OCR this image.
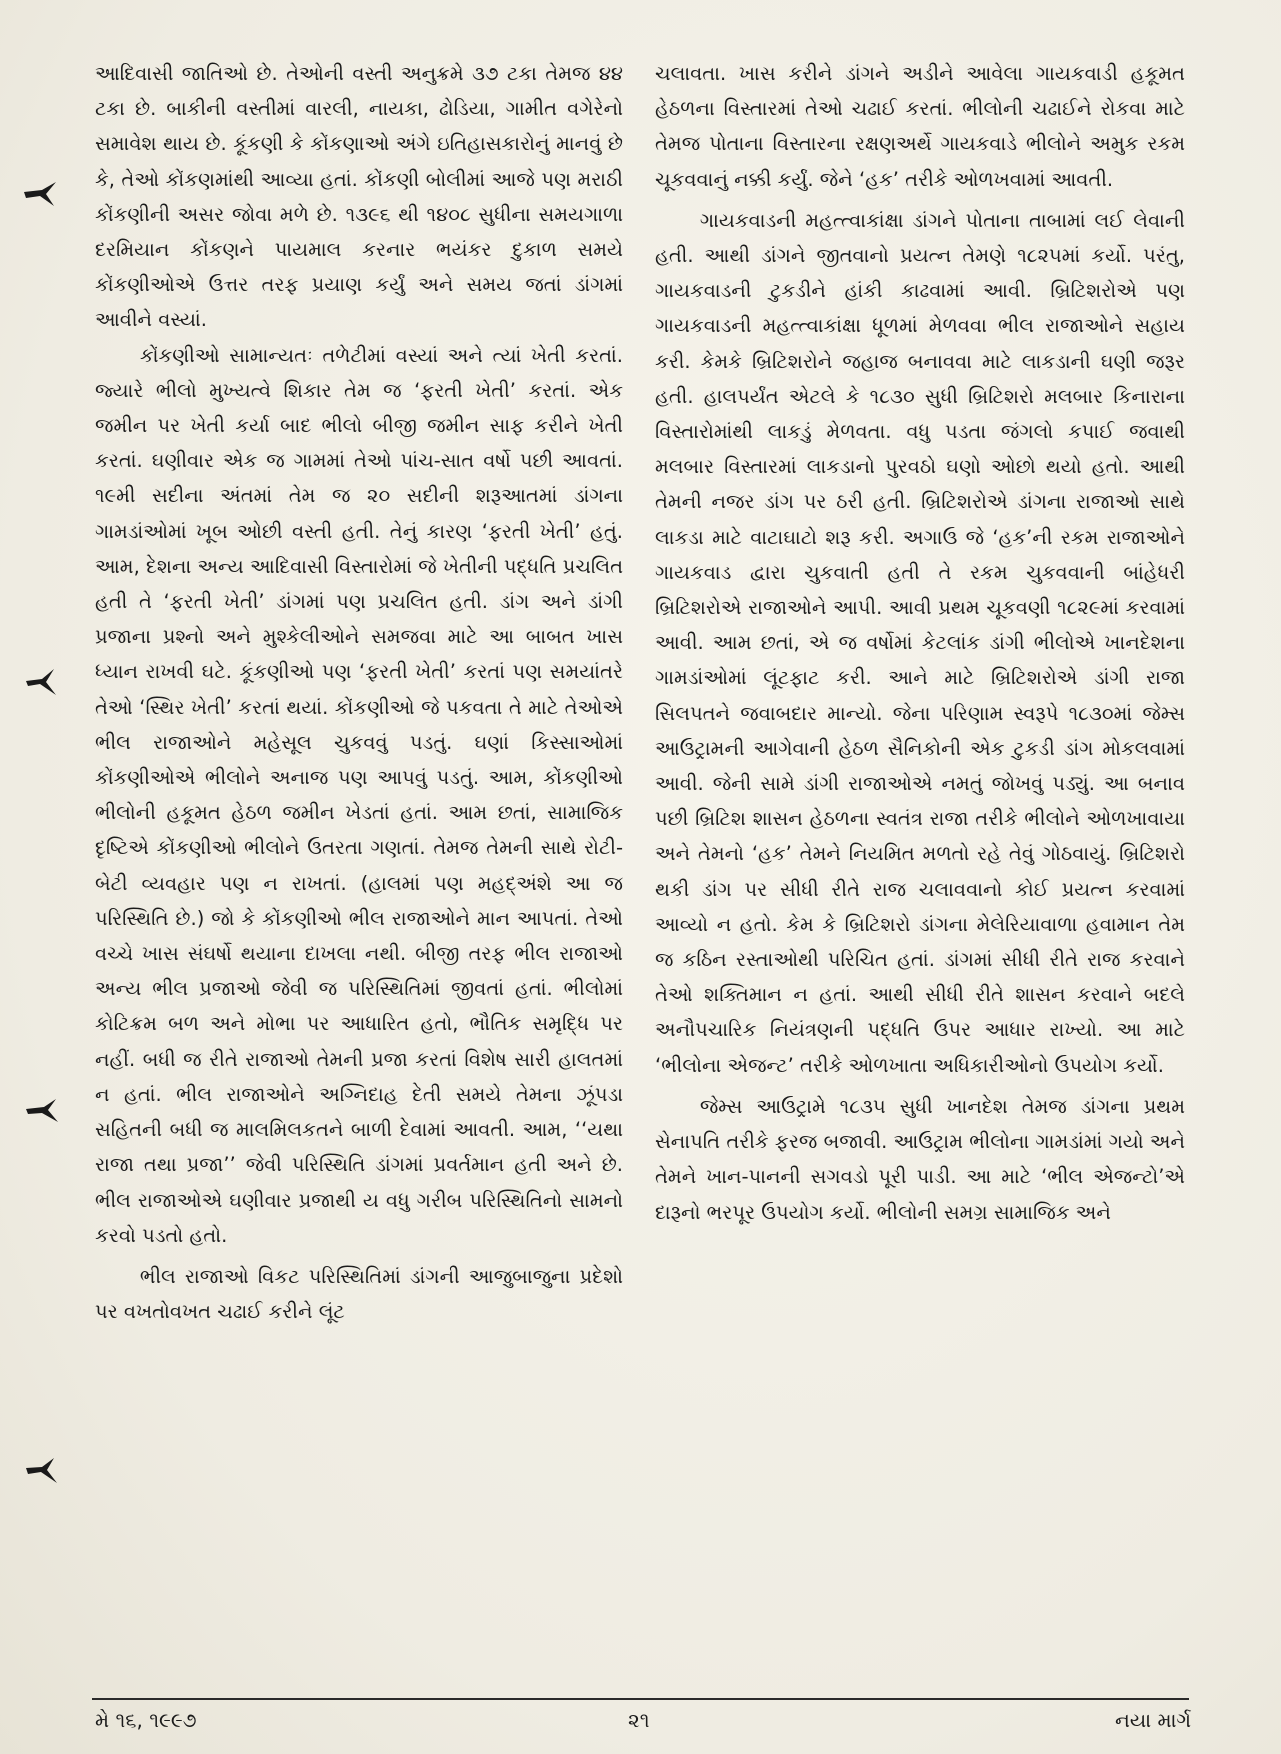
આદિવાસી જાતિઓ છે. તેઓની વસ્તી અનુક્રમે ૩૭ ટકા તેમજ ૪૪ ટકા છે. બાકીની વસ્તીમાં વારલી, નાયકા, ઢોડિયા, ગામીત વગેરેનો સમાવેશ થાય છે. કૂંકણી કે કોંકણાઓ અંગે ઇતિહાસકારોનું માનવું છે કે, તેઓ કોંકણમાંથી આવ્યા હતાં. કોંકણી બોલીમાં આજે પણ મરાઠી કોંકણીની અસર જોવા મળે છે. ૧૩૯૬ થી ૧૪૦૮ સુધીના સમયગાળા દરમિયાન કોંકણને પાયમાલ કરનાર ભયંકર દુકાળ સમયે કોંકણીઓએ ઉત્તર તરફ પ્રયાણ કર્યું અને સમય જતાં ડાંગમાં આવીને વસ્યાં.

કોંકણીઓ સામાન્યતઃ તળેટીમાં વસ્યાં અને ત્યાં ખેતી કરતાં. જ્યારે ભીલો મુખ્યત્વે શિકાર તેમ જ ‘ફરતી ખેતી’ કરતાં. એક જમીન પર ખેતી કર્યા બાદ ભીલો બીજી જમીન સાફ કરીને ખેતી કરતાં. ઘણીવાર એક જ ગામમાં તેઓ પાંચ-સાત વર્ષો પછી આવતાં. ૧૯મી સદીના અંતમાં તેમ જ ૨૦ સદીની શરૂઆતમાં ડાંગના ગામડાંઓમાં ખૂબ ઓછી વસ્તી હતી. તેનું કારણ ‘ફરતી ખેતી’ હતું. આમ, દેશના અન્ય આદિવાસી વિસ્તારોમાં જે ખેતીની પદ્ધતિ પ્રચલિત હતી તે ‘ફરતી ખેતી’ ડાંગમાં પણ પ્રચલિત હતી. ડાંગ અને ડાંગી પ્રજાના પ્રશ્નો અને મુશ્કેલીઓને સમજવા માટે આ બાબત ખાસ ધ્યાન રાખવી ઘટે. કૂંકણીઓ પણ ‘ફરતી ખેતી’ કરતાં પણ સમયાંતરે તેઓ ‘સ્થિર ખેતી’ કરતાં થયાં. કોંકણીઓ જે પકવતા તે માટે તેઓએ ભીલ રાજાઓને મહેસૂલ ચુકવવું પડતું. ઘણાં કિસ્સાઓમાં કોંકણીઓએ ભીલોને અનાજ પણ આપવું પડતું. આમ, કોંકણીઓ ભીલોની હકૂમત હેઠળ જમીન ખેડતાં હતાં. આમ છતાં, સામાજિક દૃષ્ટિએ કોંકણીઓ ભીલોને ઉતરતા ગણતાં. તેમજ તેમની સાથે રોટી-બેટી વ્યવહાર પણ ન રાખતાં. (હાલમાં પણ મહદ્અંશે આ જ પરિસ્થિતિ છે.) જો કે કોંકણીઓ ભીલ રાજાઓને માન આપતાં. તેઓ વચ્ચે ખાસ સંઘર્ષો થયાના દાખલા નથી. બીજી તરફ ભીલ રાજાઓ અન્ય ભીલ પ્રજાઓ જેવી જ પરિસ્થિતિમાં જીવતાં હતાં. ભીલોમાં કોટિક્રમ બળ અને મોભા પર આધારિત હતો, ભૌતિક સમૃદ્ધિ પર નહીં. બધી જ રીતે રાજાઓ તેમની પ્રજા કરતાં વિશેષ સારી હાલતમાં ન હતાં. ભીલ રાજાઓને અગ્નિદાહ દેતી સમયે તેમના ઝૂંપડા સહિતની બધી જ માલમિલકતને બાળી દેવામાં આવતી. આમ, ‘‘યથા રાજા તથા પ્રજા’’ જેવી પરિસ્થિતિ ડાંગમાં પ્રવર્તમાન હતી અને છે. ભીલ રાજાઓએ ઘણીવાર પ્રજાથી ય વધુ ગરીબ પરિસ્થિતિનો સામનો કરવો પડતો હતો.

ભીલ રાજાઓ વિકટ પરિસ્થિતિમાં ડાંગની આજુબાજુના પ્રદેશો પર વખતોવખત ચઢાઈ કરીને લૂંટ

ચલાવતા. ખાસ કરીને ડાંગને અડીને આવેલા ગાયકવાડી હકૂમત હેઠળના વિસ્તારમાં તેઓ ચઢાઈ કરતાં. ભીલોની ચઢાઈને રોકવા માટે તેમજ પોતાના વિસ્તારના રક્ષણઅર્થે ગાયકવાડે ભીલોને અમુક રકમ ચૂકવવાનું નક્કી કર્યું. જેને ‘હક’ તરીકે ઓળખવામાં આવતી.

ગાયકવાડની મહત્ત્વાકાંક્ષા ડાંગને પોતાના તાબામાં લઈ લેવાની હતી. આથી ડાંગને જીતવાનો પ્રયત્ન તેમણે ૧૮૨૫માં કર્યો. પરંતુ, ગાયકવાડની ટુકડીને હાંકી કાઢવામાં આવી. બ્રિટિશરોએ પણ ગાયકવાડની મહત્ત્વાકાંક્ષા ધૂળમાં મેળવવા ભીલ રાજાઓને સહાય કરી. કેમકે બ્રિટિશરોને જહાજ બનાવવા માટે લાકડાની ઘણી જરૂર હતી. હાલપર્યંત એટલે કે ૧૮૩૦ સુધી બ્રિટિશરો મલબાર કિનારાના વિસ્તારોમાંથી લાકડું મેળવતા. વધુ પડતા જંગલો કપાઈ જવાથી મલબાર વિસ્તારમાં લાકડાનો પુરવઠો ઘણો ઓછો થયો હતો. આથી તેમની નજર ડાંગ પર ઠરી હતી. બ્રિટિશરોએ ડાંગના રાજાઓ સાથે લાકડા માટે વાટાઘાટો શરૂ કરી. અગાઉ જે ‘હક’ની રકમ રાજાઓને ગાયકવાડ દ્વારા ચુકવાતી હતી તે રકમ ચુકવવાની બાંહેધરી બ્રિટિશરોએ રાજાઓને આપી. આવી પ્રથમ ચૂકવણી ૧૮૨૯માં કરવામાં આવી. આમ છતાં, એ જ વર્ષોમાં કેટલાંક ડાંગી ભીલોએ ખાનદેશના ગામડાંઓમાં લૂંટફાટ કરી. આને માટે બ્રિટિશરોએ ડાંગી રાજા સિલપતને જવાબદાર માન્યો. જેના પરિણામ સ્વરૂપે ૧૮૩૦માં જેમ્સ આઉટ્રામની આગેવાની હેઠળ સૈનિકોની એક ટુકડી ડાંગ મોકલવામાં આવી. જેની સામે ડાંગી રાજાઓએ નમતું જોખવું પડ્યું. આ બનાવ પછી બ્રિટિશ શાસન હેઠળના સ્વતંત્ર રાજા તરીકે ભીલોને ઓળખાવાયા અને તેમનો ‘હક’ તેમને નિયમિત મળતો રહે તેવું ગોઠવાયું. બ્રિટિશરો થકી ડાંગ પર સીધી રીતે રાજ ચલાવવાનો કોઈ પ્રયત્ન કરવામાં આવ્યો ન હતો. કેમ કે બ્રિટિશરો ડાંગના મેલેરિયાવાળા હવામાન તેમ જ કઠિન રસ્તાઓથી પરિચિત હતાં. ડાંગમાં સીધી રીતે રાજ કરવાને તેઓ શક્તિમાન ન હતાં. આથી સીધી રીતે શાસન કરવાને બદલે અનૌપચારિક નિયંત્રણની પદ્ધતિ ઉપર આધાર રાખ્યો. આ માટે ‘ભીલોના એજન્ટ’ તરીકે ઓળખાતા અધિકારીઓનો ઉપયોગ કર્યો.

જેમ્સ આઉટ્રામે ૧૮૩૫ સુધી ખાનદેશ તેમજ ડાંગના પ્રથમ સેનાપતિ તરીકે ફરજ બજાવી. આઉટ્રામ ભીલોના ગામડાંમાં ગયો અને તેમને ખાન-પાનની સગવડો પૂરી પાડી. આ માટે ‘ભીલ એજન્ટો’એ દારૂનો ભરપૂર ઉપયોગ કર્યો. ભીલોની સમગ્ર સામાજિક અને

મે ૧૬, ૧૯૯૭	૨૧	નયા માર્ગ
